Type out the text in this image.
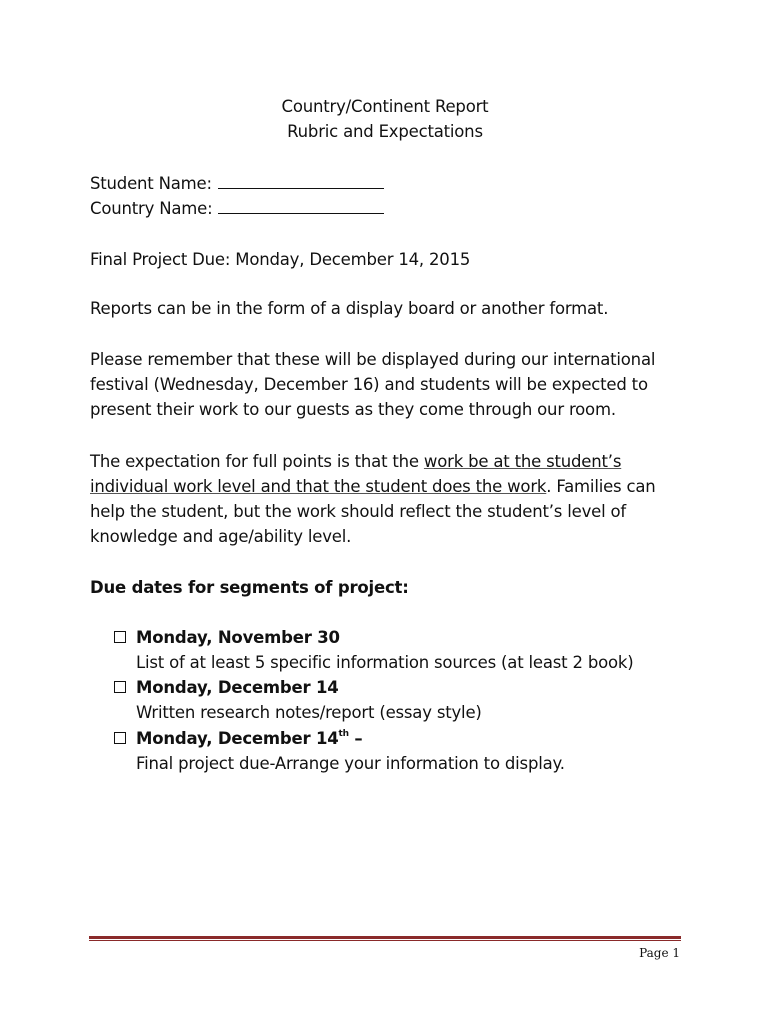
Country/Continent Report
Rubric and Expectations
Student Name:
Country Name:
Final Project Due: Monday, December 14, 2015
Reports can be in the form of a display board or another format.
Please remember that these will be displayed during our international
festival (Wednesday, December 16) and students will be expected to
present their work to our guests as they come through our room.
The expectation for full points is that the work be at the student’s
individual work level and that the student does the work. Families can
help the student, but the work should reflect the student’s level of
knowledge and age/ability level.
Due dates for segments of project:
Monday, November 30
List of at least 5 specific information sources (at least 2 book)
Monday, December 14
Written research notes/report (essay style)
Monday, December 14th –
Final project due-Arrange your information to display.
Page 1
